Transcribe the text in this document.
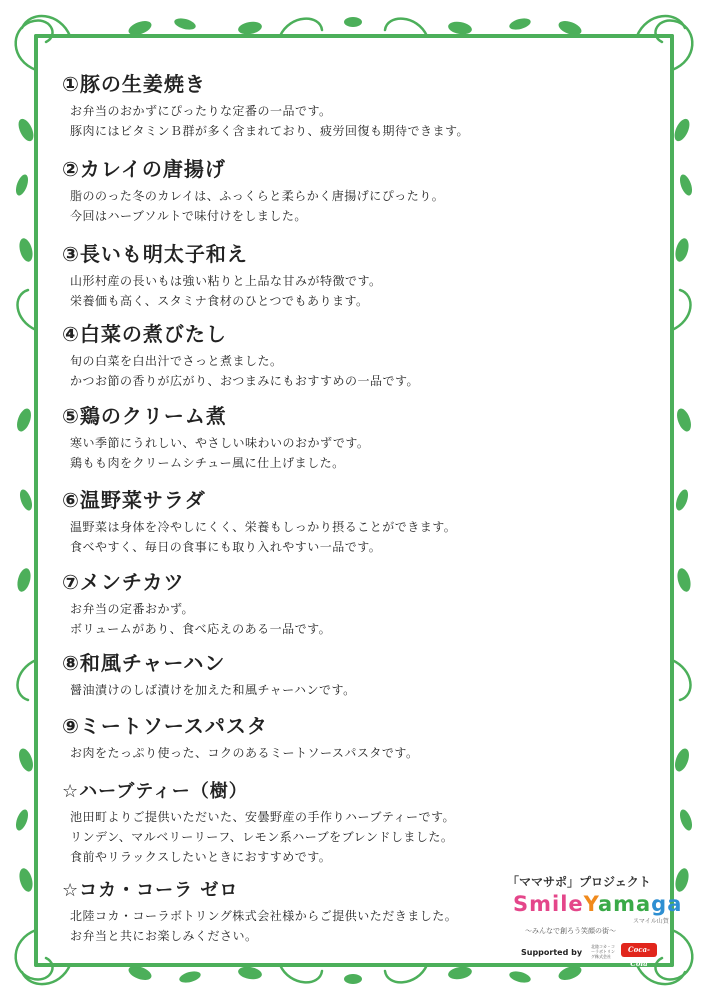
①豚の生姜焼き

お弁当のおかずにぴったりな定番の一品です。
豚肉にはビタミンＢ群が多く含まれており、疲労回復も期待できます。

②カレイの唐揚げ

脂ののった冬のカレイは、ふっくらと柔らかく唐揚げにぴったり。
今回はハーブソルトで味付けをしました。

③長いも明太子和え

山形村産の長いもは強い粘りと上品な甘みが特徴です。
栄養価も高く、スタミナ食材のひとつでもあります。

④白菜の煮びたし

旬の白菜を白出汁でさっと煮ました。
かつお節の香りが広がり、おつまみにもおすすめの一品です。

⑤鶏のクリーム煮

寒い季節にうれしい、やさしい味わいのおかずです。
鶏もも肉をクリームシチュー風に仕上げました。

⑥温野菜サラダ

温野菜は身体を冷やしにくく、栄養もしっかり摂ることができます。
食べやすく、毎日の食事にも取り入れやすい一品です。

⑦メンチカツ

お弁当の定番おかず。
ボリュームがあり、食べ応えのある一品です。

⑧和風チャーハン

醤油漬けのしば漬けを加えた和風チャーハンです。

⑨ミートソースパスタ

お肉をたっぷり使った、コクのあるミートソースパスタです。

☆ハーブティー（樹）

池田町よりご提供いただいた、安曇野産の手作りハーブティーです。
リンデン、マルベリーリーフ、レモン系ハーブをブレンドしました。
食前やリラックスしたいときにおすすめです。

☆コカ・コーラ ゼロ

北陸コカ・コーラボトリング株式会社様からご提供いただきました。
お弁当と共にお楽しみください。

「ママサポ」プロジェクト
SmileYamaga
スマイル山賀
～みんなで創ろう笑顔の街～
Supported by
北陸コカ・コーラボトリング株式会社
Coca-Cola
